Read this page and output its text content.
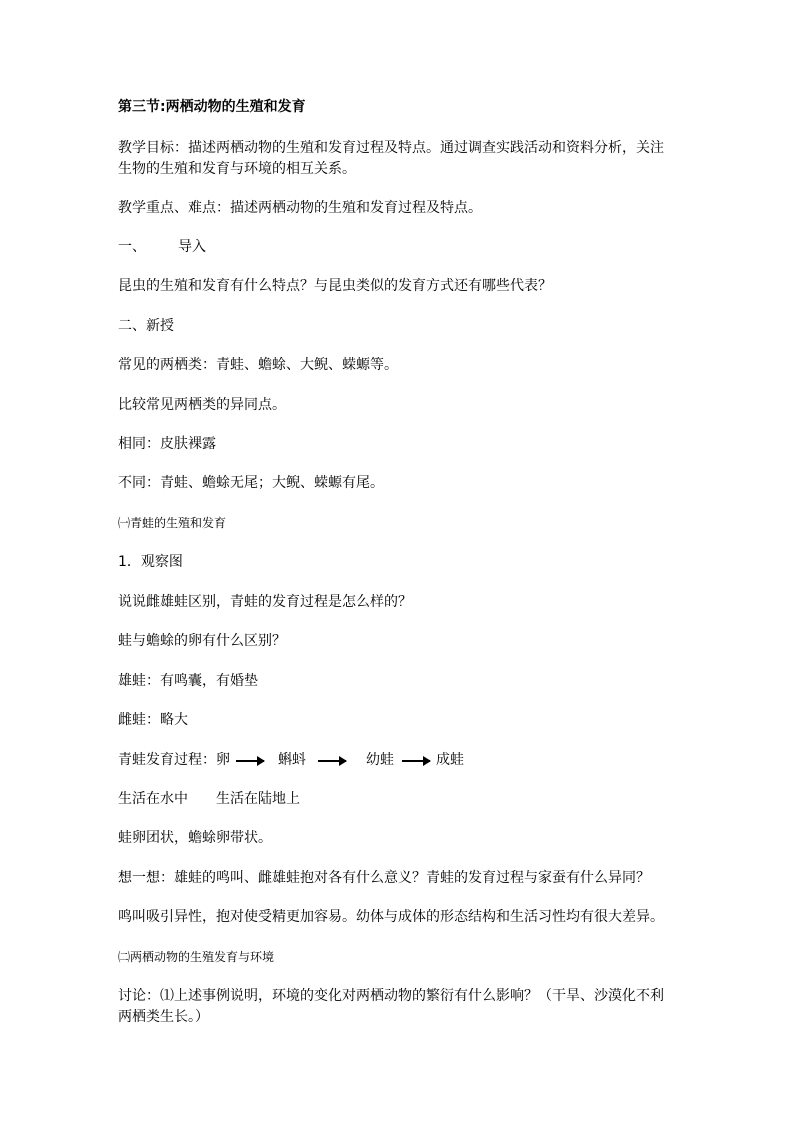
第三节:两栖动物的生殖和发育
教学目标：描述两栖动物的生殖和发育过程及特点。通过调查实践活动和资料分析，关注生物的生殖和发育与环境的相互关系。
教学重点、难点：描述两栖动物的生殖和发育过程及特点。
一、 导入
昆虫的生殖和发育有什么特点？与昆虫类似的发育方式还有哪些代表？
二、新授
常见的两栖类：青蛙、蟾蜍、大鲵、蝾螈等。
比较常见两栖类的异同点。
相同：皮肤裸露
不同：青蛙、蟾蜍无尾；大鲵、蝾螈有尾。
㈠青蛙的生殖和发育
1．观察图
说说雌雄蛙区别，青蛙的发育过程是怎么样的？
蛙与蟾蜍的卵有什么区别？
雄蛙：有鸣囊，有婚垫
雌蛙：略大
青蛙发育过程： 卵	蝌蚪	幼蛙	成蛙
生活在水中 生活在陆地上
蛙卵团状，蟾蜍卵带状。
想一想：雄蛙的鸣叫、雌雄蛙抱对各有什么意义？青蛙的发育过程与家蚕有什么异同？
鸣叫吸引异性，抱对使受精更加容易。幼体与成体的形态结构和生活习性均有很大差异。
㈡两栖动物的生殖发育与环境
讨论：⑴上述事例说明，环境的变化对两栖动物的繁衍有什么影响？（干旱、沙漠化不利两栖类生长。）
